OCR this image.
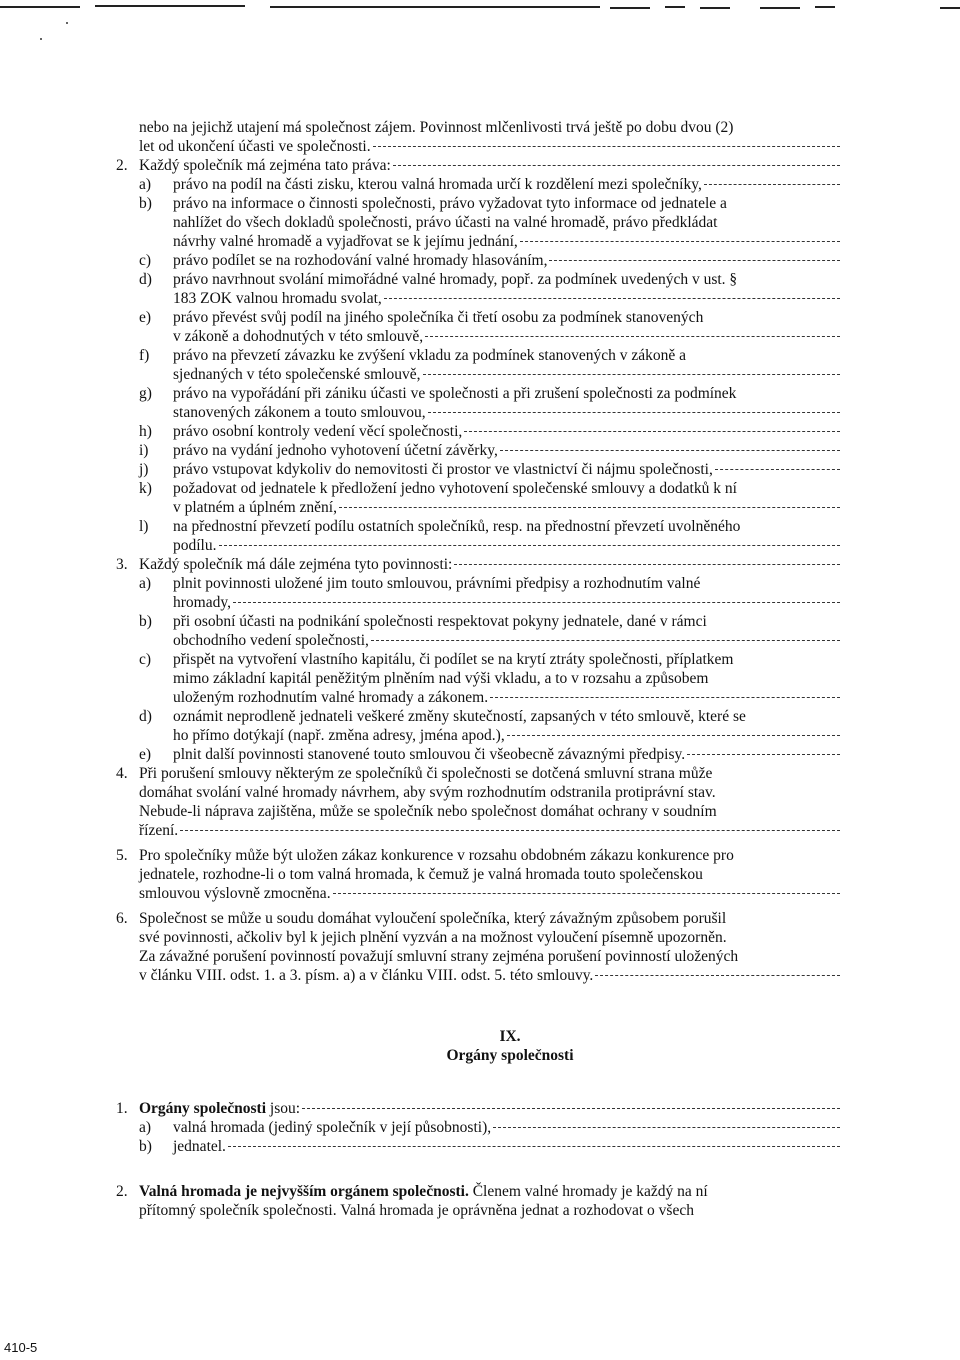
nebo na jejichž utajení má společnost zájem. Povinnost mlčenlivosti trvá ještě po dobu dvou (2)
let od ukončení účasti ve společnosti.
2. Každý společník má zejména tato práva:
a)	právo na podíl na části zisku, kterou valná hromada určí k rozdělení mezi společníky,
b)	právo na informace o činnosti společnosti, právo vyžadovat tyto informace od jednatele a
nahlížet do všech dokladů společnosti, právo účasti na valné hromadě, právo předkládat
návrhy valné hromadě a vyjadřovat se k jejímu jednání,
c)	právo podílet se na rozhodování valné hromady hlasováním,
d)	právo navrhnout svolání mimořádné valné hromady, popř. za podmínek uvedených v ust. §
183 ZOK valnou hromadu svolat,
e)	právo převést svůj podíl na jiného společníka či třetí osobu za podmínek stanovených
v zákoně a dohodnutých v této smlouvě,
f)	právo na převzetí závazku ke zvýšení vkladu za podmínek stanovených v zákoně a
sjednaných v této společenské smlouvě,
g)	právo na vypořádání při zániku účasti ve společnosti a při zrušení společnosti za podmínek
stanovených zákonem a touto smlouvou,
h)	právo osobní kontroly vedení věcí společnosti,
i)	právo na vydání jednoho vyhotovení účetní závěrky,
j)	právo vstupovat kdykoliv do nemovitosti či prostor ve vlastnictví či nájmu společnosti,
k)	požadovat od jednatele k předložení jedno vyhotovení společenské smlouvy a dodatků k ní
v platném a úplném znění,
l)	na přednostní převzetí podílu ostatních společníků, resp. na přednostní převzetí uvolněného
podílu.
3. Každý společník má dále zejména tyto povinnosti:
a)	plnit povinnosti uložené jim touto smlouvou, právními předpisy a rozhodnutím valné
hromady,
b)	při osobní účasti na podnikání společnosti respektovat pokyny jednatele, dané v rámci
obchodního vedení společnosti,
c)	přispět na vytvoření vlastního kapitálu, či podílet se na krytí ztráty společnosti, příplatkem
mimo základní kapitál peněžitým plněním nad výši vkladu, a to v rozsahu a způsobem
uloženým rozhodnutím valné hromady a zákonem.
d)	oznámit neprodleně jednateli veškeré změny skutečností, zapsaných v této smlouvě, které se
ho přímo dotýkají (např. změna adresy, jména apod.),
e)	plnit další povinnosti stanovené touto smlouvou či všeobecně závaznými předpisy.
4. Při porušení smlouvy některým ze společníků či společnosti se dotčená smluvní strana může
domáhat svolání valné hromady návrhem, aby svým rozhodnutím odstranila protiprávní stav.
Nebude-li náprava zajištěna, může se společník nebo společnost domáhat ochrany v soudním
řízení.
5. Pro společníky může být uložen zákaz konkurence v rozsahu obdobném zákazu konkurence pro
jednatele, rozhodne-li o tom valná hromada, k čemuž je valná hromada touto společenskou
smlouvou výslovně zmocněna.
6. Společnost se může u soudu domáhat vyloučení společníka, který závažným způsobem porušil
své povinnosti, ačkoliv byl k jejich plnění vyzván a na možnost vyloučení písemně upozorněn.
Za závažné porušení povinností považují smluvní strany zejména porušení povinností uložených
v článku VIII. odst. 1. a 3. písm. a) a v článku VIII. odst. 5. této smlouvy.
IX.
Orgány společnosti
1. Orgány společnosti jsou:
a)	valná hromada (jediný společník v její působnosti),
b)	jednatel.
2. Valná hromada je nejvyšším orgánem společnosti. Členem valné hromady je každý na ní
přítomný společník společnosti. Valná hromada je oprávněna jednat a rozhodovat o všech
410-5
